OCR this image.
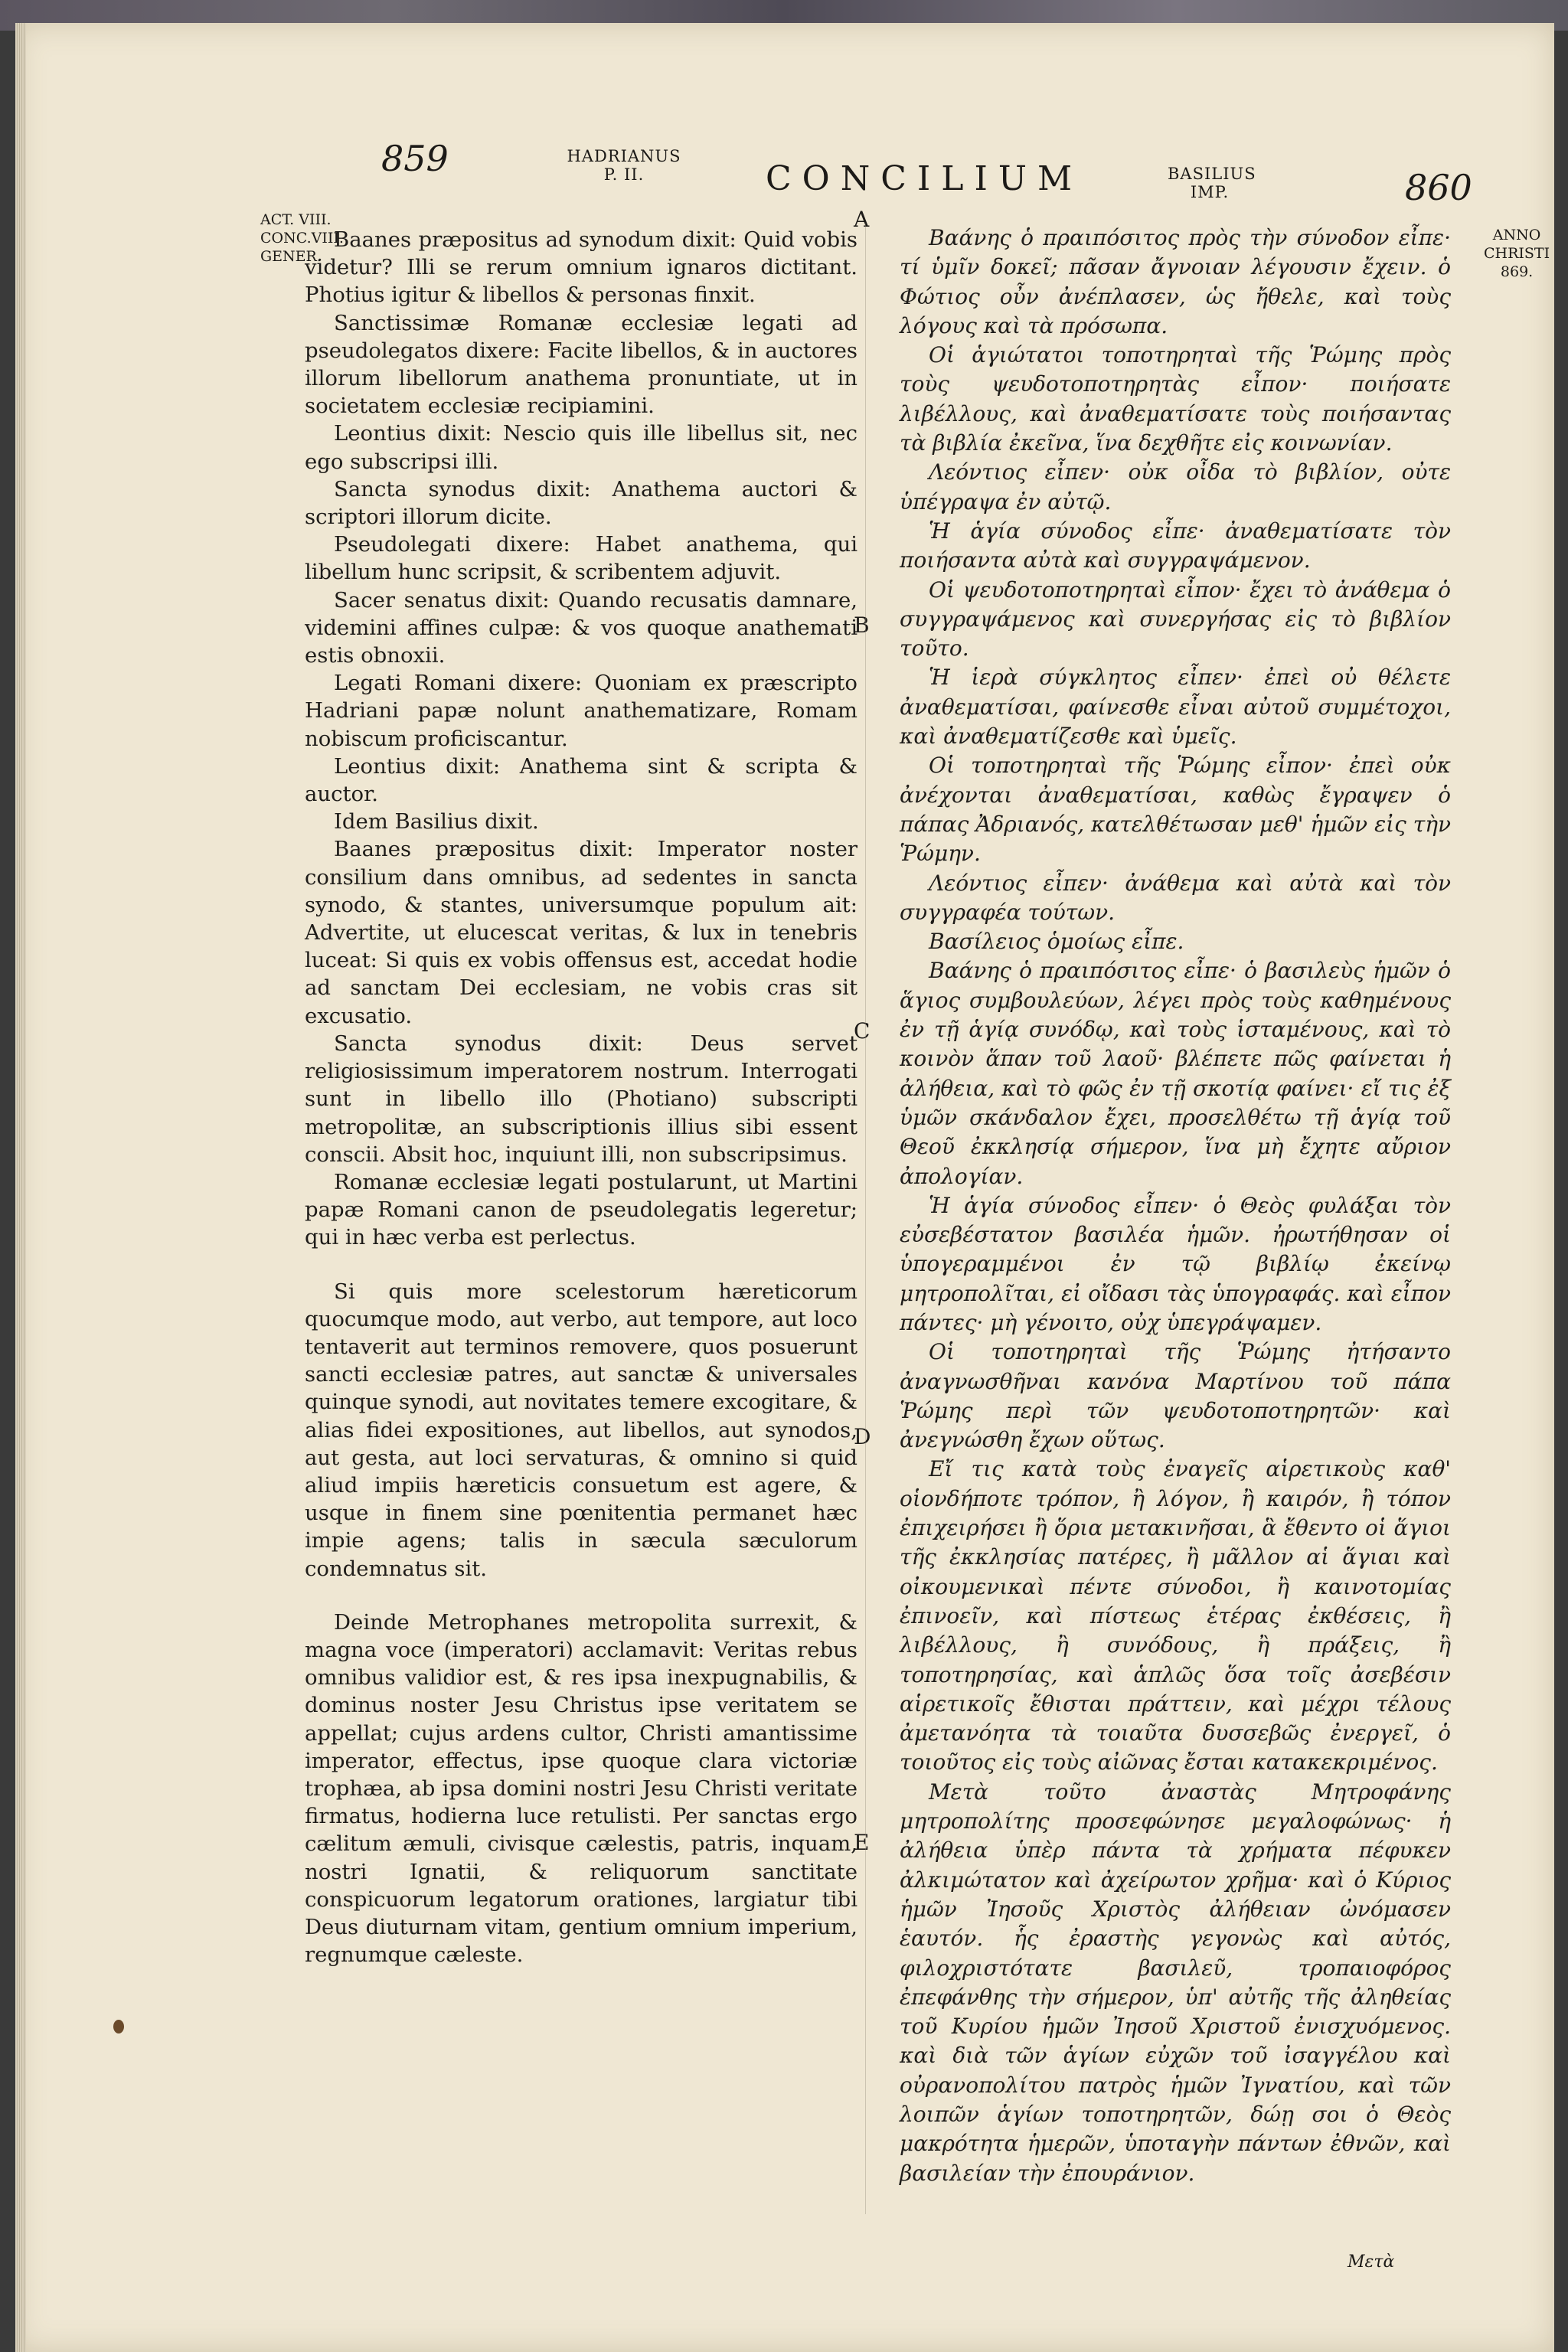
859	HADRIANUS
P. II.	CONCILIUM	BASILIUS
IMP.	860
ACT. VIII.
CONC.VIII.
GENER.
ANNO
CHRISTI
869.
A
B
C
D
E

Baanes præpositus ad synodum dixit: Quid vobis videtur? Illi se rerum omnium ignaros dictitant. Photius igitur & libellos & personas finxit.

Sanctissimæ Romanæ ecclesiæ legati ad pseudolegatos dixere: Facite libellos, & in auctores illorum libellorum anathema pronuntiate, ut in societatem ecclesiæ recipiamini.

Leontius dixit: Nescio quis ille libellus sit, nec ego subscripsi illi.

Sancta synodus dixit: Anathema auctori & scriptori illorum dicite.

Pseudolegati dixere: Habet anathema, qui libellum hunc scripsit, & scribentem adjuvit.

Sacer senatus dixit: Quando recusatis damnare, videmini affines culpæ: & vos quoque anathemati estis obnoxii.

Legati Romani dixere: Quoniam ex præscripto Hadriani papæ nolunt anathematizare, Romam nobiscum proficiscantur.

Leontius dixit: Anathema sint & scripta & auctor.

Idem Basilius dixit.

Baanes præpositus dixit: Imperator noster consilium dans omnibus, ad sedentes in sancta synodo, & stantes, universumque populum ait: Advertite, ut elucescat veritas, & lux in tenebris luceat: Si quis ex vobis offensus est, accedat hodie ad sanctam Dei ecclesiam, ne vobis cras sit excusatio.

Sancta synodus dixit: Deus servet religiosissimum imperatorem nostrum. Interrogati sunt in libello illo (Photiano) subscripti metropolitæ, an subscriptionis illius sibi essent conscii. Absit hoc, inquiunt illi, non subscripsimus.

Romanæ ecclesiæ legati postularunt, ut Martini papæ Romani canon de pseudolegatis legeretur; qui in hæc verba est perlectus.

Si quis more scelestorum hæreticorum quocumque modo, aut verbo, aut tempore, aut loco tentaverit aut terminos removere, quos posuerunt sancti ecclesiæ patres, aut sanctæ & universales quinque synodi, aut novitates temere excogitare, & alias fidei expositiones, aut libellos, aut synodos, aut gesta, aut loci servaturas, & omnino si quid aliud impiis hæreticis consuetum est agere, & usque in finem sine pœnitentia permanet hæc impie agens; talis in sæcula sæculorum condemnatus sit.

Deinde Metrophanes metropolita surrexit, & magna voce (imperatori) acclamavit: Veritas rebus omnibus validior est, & res ipsa inexpugnabilis, & dominus noster Jesu Christus ipse veritatem se appellat; cujus ardens cultor, Christi amantissime imperator, effectus, ipse quoque clara victoriæ trophæa, ab ipsa domini nostri Jesu Christi veritate firmatus, hodierna luce retulisti. Per sanctas ergo cælitum æmuli, civisque cælestis, patris, inquam, nostri Ignatii, & reliquorum sanctitate conspicuorum legatorum orationes, largiatur tibi Deus diuturnam vitam, gentium omnium imperium, regnumque cæleste.

Βαάνης ὁ πραιπόσιτος πρὸς τὴν σύνοδον εἶπε· τί ὑμῖν δοκεῖ; πᾶσαν ἄγνοιαν λέγουσιν ἔχειν. ὁ Φώτιος οὖν ἀνέπλασεν, ὡς ἤθελε, καὶ τοὺς λόγους καὶ τὰ πρόσωπα.

Οἱ ἁγιώτατοι τοποτηρηταὶ τῆς Ῥώμης πρὸς τοὺς ψευδοτοποτηρητὰς εἶπον· ποιήσατε λιβέλλους, καὶ ἀναθεματίσατε τοὺς ποιήσαντας τὰ βιβλία ἐκεῖνα, ἵνα δεχθῆτε εἰς κοινωνίαν.

Λεόντιος εἶπεν· οὐκ οἶδα τὸ βιβλίον, οὐτε ὑπέγραψα ἐν αὐτῷ.

Ἡ ἁγία σύνοδος εἶπε· ἀναθεματίσατε τὸν ποιήσαντα αὐτὰ καὶ συγγραψάμενον.

Οἱ ψευδοτοποτηρηταὶ εἶπον· ἔχει τὸ ἀνάθεμα ὁ συγγραψάμενος καὶ συνεργήσας εἰς τὸ βιβλίον τοῦτο.

Ἡ ἱερὰ σύγκλητος εἶπεν· ἐπεὶ οὐ θέλετε ἀναθεματίσαι, φαίνεσθε εἶναι αὐτοῦ συμμέτοχοι, καὶ ἀναθεματίζεσθε καὶ ὑμεῖς.

Οἱ τοποτηρηταὶ τῆς Ῥώμης εἶπον· ἐπεὶ οὐκ ἀνέχονται ἀναθεματίσαι, καθὼς ἔγραψεν ὁ πάπας Ἀδριανός, κατελθέτωσαν μεθ' ἡμῶν εἰς τὴν Ῥώμην.

Λεόντιος εἶπεν· ἀνάθεμα καὶ αὐτὰ καὶ τὸν συγγραφέα τούτων.

Βασίλειος ὁμοίως εἶπε.

Βαάνης ὁ πραιπόσιτος εἶπε· ὁ βασιλεὺς ἡμῶν ὁ ἅγιος συμβουλεύων, λέγει πρὸς τοὺς καθημένους ἐν τῇ ἁγίᾳ συνόδῳ, καὶ τοὺς ἱσταμένους, καὶ τὸ κοινὸν ἅπαν τοῦ λαοῦ· βλέπετε πῶς φαίνεται ἡ ἀλήθεια, καὶ τὸ φῶς ἐν τῇ σκοτίᾳ φαίνει· εἴ τις ἐξ ὑμῶν σκάνδαλον ἔχει, προσελθέτω τῇ ἁγίᾳ τοῦ Θεοῦ ἐκκλησίᾳ σήμερον, ἵνα μὴ ἔχητε αὔριον ἀπολογίαν.

Ἡ ἁγία σύνοδος εἶπεν· ὁ Θεὸς φυλάξαι τὸν εὐσεβέστατον βασιλέα ἡμῶν. ἠρωτήθησαν οἱ ὑπογεραμμένοι ἐν τῷ βιβλίῳ ἐκείνῳ μητροπολῖται, εἰ οἴδασι τὰς ὑπογραφάς. καὶ εἶπον πάντες· μὴ γένοιτο, οὐχ ὑπεγράψαμεν.

Οἱ τοποτηρηταὶ τῆς Ῥώμης ἠτήσαντο ἀναγνωσθῆναι κανόνα Μαρτίνου τοῦ πάπα Ῥώμης περὶ τῶν ψευδοτοποτηρητῶν· καὶ ἀνεγνώσθη ἔχων οὕτως.

Εἴ τις κατὰ τοὺς ἐναγεῖς αἱρετικοὺς καθ' οἱονδήποτε τρόπον, ἢ λόγον, ἢ καιρόν, ἢ τόπον ἐπιχειρήσει ἢ ὅρια μετακινῆσαι, ἃ ἔθεντο οἱ ἅγιοι τῆς ἐκκλησίας πατέρες, ἢ μᾶλλον αἱ ἅγιαι καὶ οἰκουμενικαὶ πέντε σύνοδοι, ἢ καινοτομίας ἐπινοεῖν, καὶ πίστεως ἑτέρας ἐκθέσεις, ἢ λιβέλλους, ἢ συνόδους, ἢ πράξεις, ἢ τοποτηρησίας, καὶ ἁπλῶς ὅσα τοῖς ἀσεβέσιν αἱρετικοῖς ἔθισται πράττειν, καὶ μέχρι τέλους ἀμετανόητα τὰ τοιαῦτα δυσσεβῶς ἐνεργεῖ, ὁ τοιοῦτος εἰς τοὺς αἰῶνας ἔσται κατακεκριμένος.

Μετὰ τοῦτο ἀναστὰς Μητροφάνης μητροπολίτης προσεφώνησε μεγαλοφώνως· ἡ ἀλήθεια ὑπὲρ πάντα τὰ χρήματα πέφυκεν ἀλκιμώτατον καὶ ἀχείρωτον χρῆμα· καὶ ὁ Κύριος ἡμῶν Ἰησοῦς Χριστὸς ἀλήθειαν ὠνόμασεν ἑαυτόν. ἧς ἐραστὴς γεγονὼς καὶ αὐτός, φιλοχριστότατε βασιλεῦ, τροπαιοφόρος ἐπεφάνθης τὴν σήμερον, ὑπ' αὐτῆς τῆς ἀληθείας τοῦ Κυρίου ἡμῶν Ἰησοῦ Χριστοῦ ἐνισχυόμενος. καὶ διὰ τῶν ἁγίων εὐχῶν τοῦ ἰσαγγέλου καὶ οὐρανοπολίτου πατρὸς ἡμῶν Ἰγνατίου, καὶ τῶν λοιπῶν ἁγίων τοποτηρητῶν, δώῃ σοι ὁ Θεὸς μακρότητα ἡμερῶν, ὑποταγὴν πάντων ἐθνῶν, καὶ βασιλείαν τὴν ἐπουράνιον.

Μετὰ
